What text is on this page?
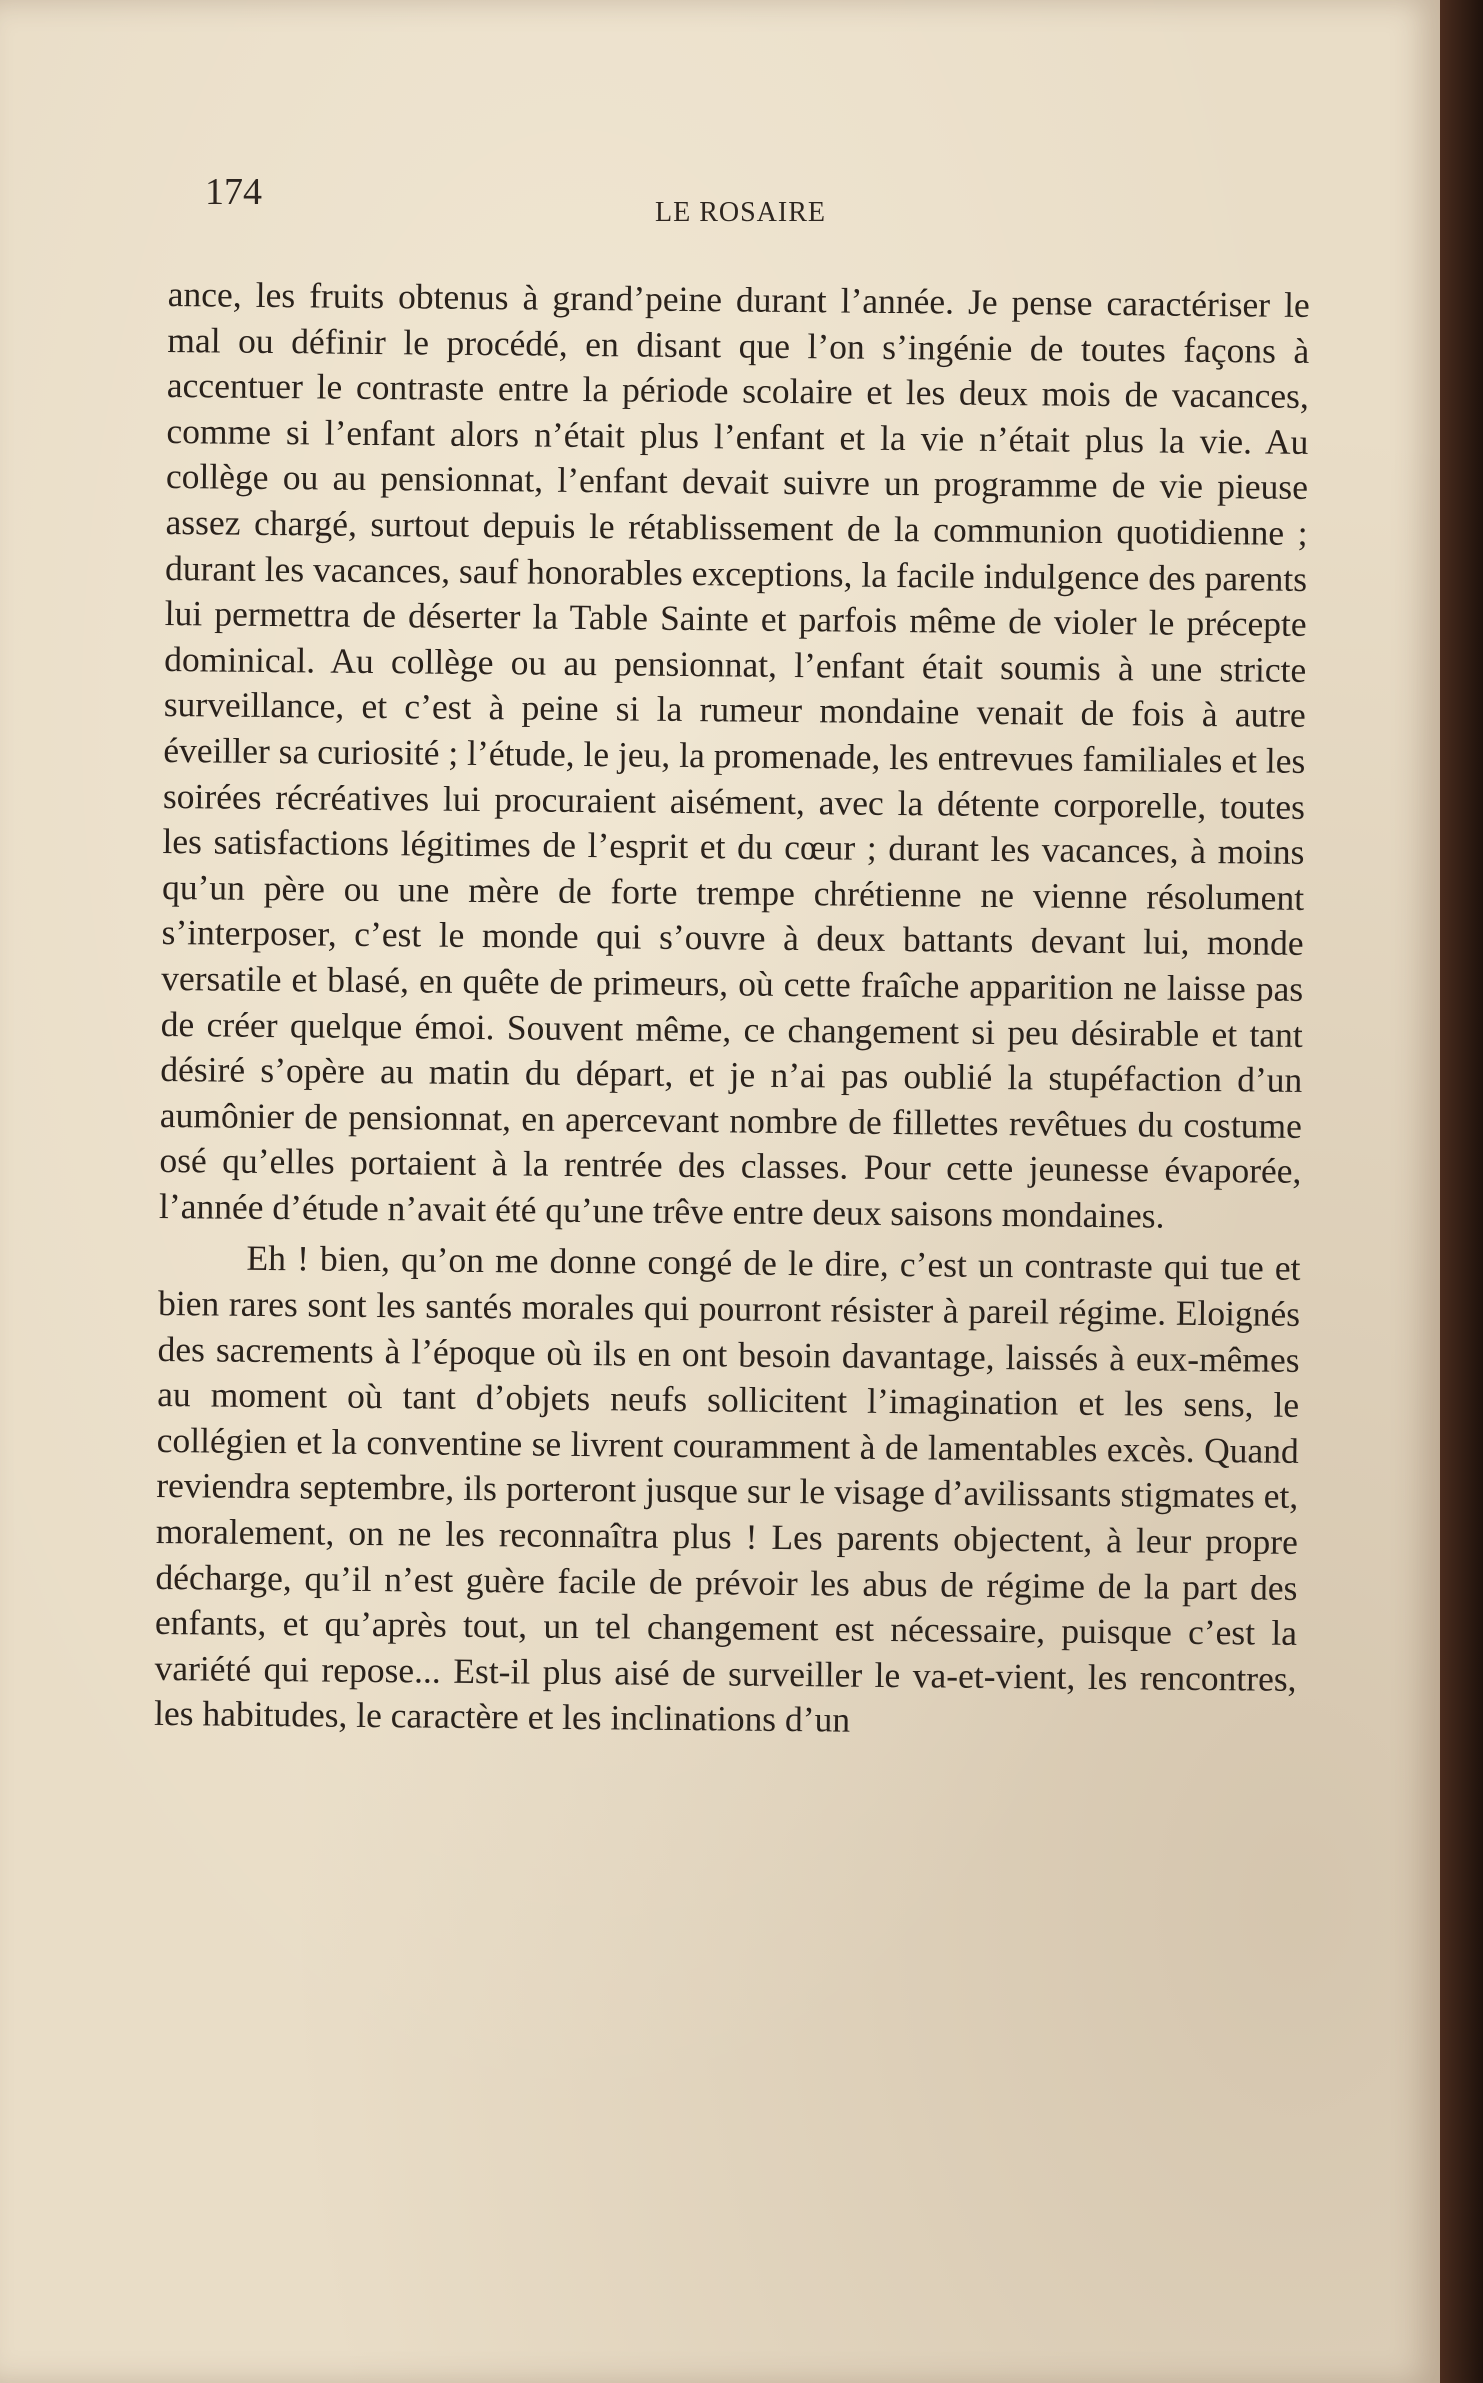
174	LE ROSAIRE

ance, les fruits obtenus à grand’peine durant l’année. Je pense caractériser le mal ou définir le procédé, en disant que l’on s’ingénie de toutes façons à accentuer le contraste entre la période scolaire et les deux mois de vacances, comme si l’enfant alors n’était plus l’enfant et la vie n’était plus la vie. Au collège ou au pensionnat, l’enfant devait suivre un programme de vie pieuse assez chargé, surtout depuis le rétablissement de la communion quotidienne ; durant les vacances, sauf honorables exceptions, la facile indulgence des parents lui permettra de déserter la Table Sainte et parfois même de violer le précepte dominical. Au collège ou au pensionnat, l’enfant était soumis à une stricte surveillance, et c’est à peine si la rumeur mondaine venait de fois à autre éveiller sa curiosité ; l’étude, le jeu, la promenade, les entrevues familiales et les soirées récréatives lui procuraient aisément, avec la détente corporelle, toutes les satisfactions légitimes de l’esprit et du cœur ; durant les vacances, à moins qu’un père ou une mère de forte trempe chrétienne ne vienne résolument s’interposer, c’est le monde qui s’ouvre à deux battants devant lui, monde versatile et blasé, en quête de primeurs, où cette fraîche apparition ne laisse pas de créer quelque émoi. Souvent même, ce changement si peu désirable et tant désiré s’opère au matin du départ, et je n’ai pas oublié la stupéfaction d’un aumônier de pensionnat, en apercevant nombre de fillettes revêtues du costume osé qu’elles portaient à la rentrée des classes. Pour cette jeunesse évaporée, l’année d’étude n’avait été qu’une trêve entre deux saisons mondaines.

Eh ! bien, qu’on me donne congé de le dire, c’est un contraste qui tue et bien rares sont les santés morales qui pourront résister à pareil régime. Eloignés des sacrements à l’époque où ils en ont besoin davantage, laissés à eux-mêmes au moment où tant d’objets neufs sollicitent l’imagination et les sens, le collégien et la conventine se livrent couramment à de lamentables excès. Quand reviendra septembre, ils porteront jusque sur le visage d’avilissants stigmates et, moralement, on ne les reconnaîtra plus ! Les parents objectent, à leur propre décharge, qu’il n’est guère facile de prévoir les abus de régime de la part des enfants, et qu’après tout, un tel changement est nécessaire, puisque c’est la variété qui repose... Est-il plus aisé de surveiller le va-et-vient, les rencontres, les habitudes, le caractère et les inclinations d’un
